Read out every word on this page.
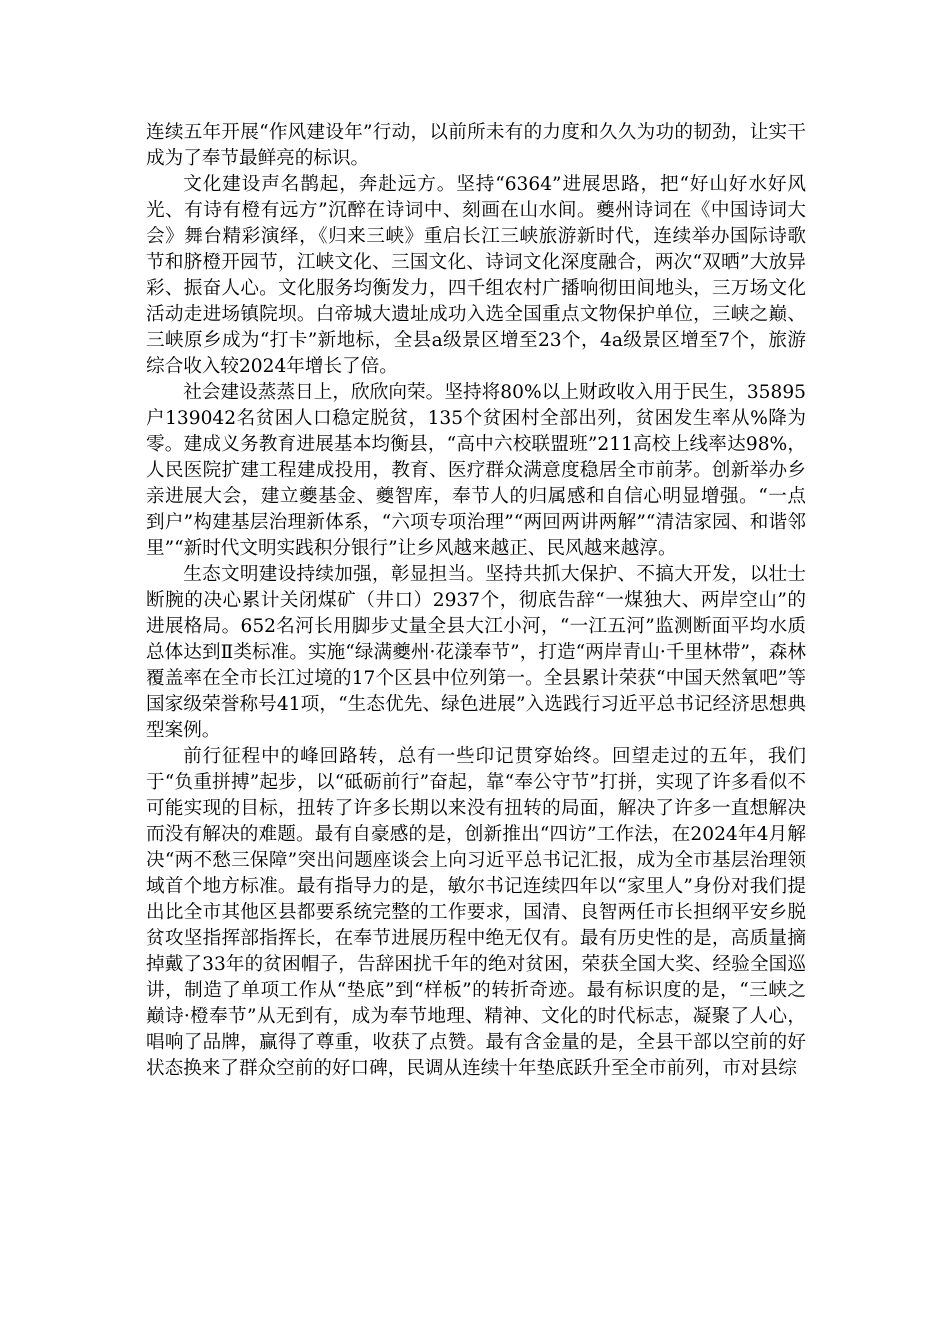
连续五年开展“作风建设年”行动，以前所未有的力度和久久为功的韧劲，让实干成为了奉节最鲜亮的标识。

文化建设声名鹊起，奔赴远方。坚持“6364”进展思路，把“好山好水好风光、有诗有橙有远方”沉醉在诗词中、刻画在山水间。夔州诗词在《中国诗词大会》舞台精彩演绎，《归来三峡》重启长江三峡旅游新时代，连续举办国际诗歌节和脐橙开园节，江峡文化、三国文化、诗词文化深度融合，两次“双晒”大放异彩、振奋人心。文化服务均衡发力，四千组农村广播响彻田间地头，三万场文化活动走进场镇院坝。白帝城大遗址成功入选全国重点文物保护单位，三峡之巅、三峡原乡成为“打卡”新地标，全县a级景区增至23个，4a级景区增至7个，旅游综合收入较2024年增长了倍。

社会建设蒸蒸日上，欣欣向荣。坚持将80%以上财政收入用于民生，35895户139042名贫困人口稳定脱贫，135个贫困村全部出列，贫困发生率从%降为零。建成义务教育进展基本均衡县，“高中六校联盟班”211高校上线率达98%，人民医院扩建工程建成投用，教育、医疗群众满意度稳居全市前茅。创新举办乡亲进展大会，建立夔基金、夔智库，奉节人的归属感和自信心明显增强。“一点到户”构建基层治理新体系，“六项专项治理”“两回两讲两解”“清洁家园、和谐邻里”“新时代文明实践积分银行”让乡风越来越正、民风越来越淳。

生态文明建设持续加强，彰显担当。坚持共抓大保护、不搞大开发，以壮士断腕的决心累计关闭煤矿（井口）2937个，彻底告辞“一煤独大、两岸空山”的进展格局。652名河长用脚步丈量全县大江小河，“一江五河”监测断面平均水质总体达到Ⅱ类标准。实施“绿满夔州·花漾奉节”，打造“两岸青山·千里林带”，森林覆盖率在全市长江过境的17个区县中位列第一。全县累计荣获“中国天然氧吧”等国家级荣誉称号41项，“生态优先、绿色进展”入选践行习近平总书记经济思想典型案例。

前行征程中的峰回路转，总有一些印记贯穿始终。回望走过的五年，我们于“负重拼搏”起步，以“砥砺前行”奋起，靠“奉公守节”打拼，实现了许多看似不可能实现的目标，扭转了许多长期以来没有扭转的局面，解决了许多一直想解决而没有解决的难题。最有自豪感的是，创新推出“四访”工作法，在2024年4月解决“两不愁三保障”突出问题座谈会上向习近平总书记汇报，成为全市基层治理领域首个地方标准。最有指导力的是，敏尔书记连续四年以“家里人”身份对我们提出比全市其他区县都要系统完整的工作要求，国清、良智两任市长担纲平安乡脱贫攻坚指挥部指挥长，在奉节进展历程中绝无仅有。最有历史性的是，高质量摘掉戴了33年的贫困帽子，告辞困扰千年的绝对贫困，荣获全国大奖、经验全国巡讲，制造了单项工作从“垫底”到“样板”的转折奇迹。最有标识度的是，“三峡之巅诗·橙奉节”从无到有，成为奉节地理、精神、文化的时代标志，凝聚了人心，唱响了品牌，赢得了尊重，收获了点赞。最有含金量的是，全县干部以空前的好状态换来了群众空前的好口碑，民调从连续十年垫底跃升至全市前列，市对县综
